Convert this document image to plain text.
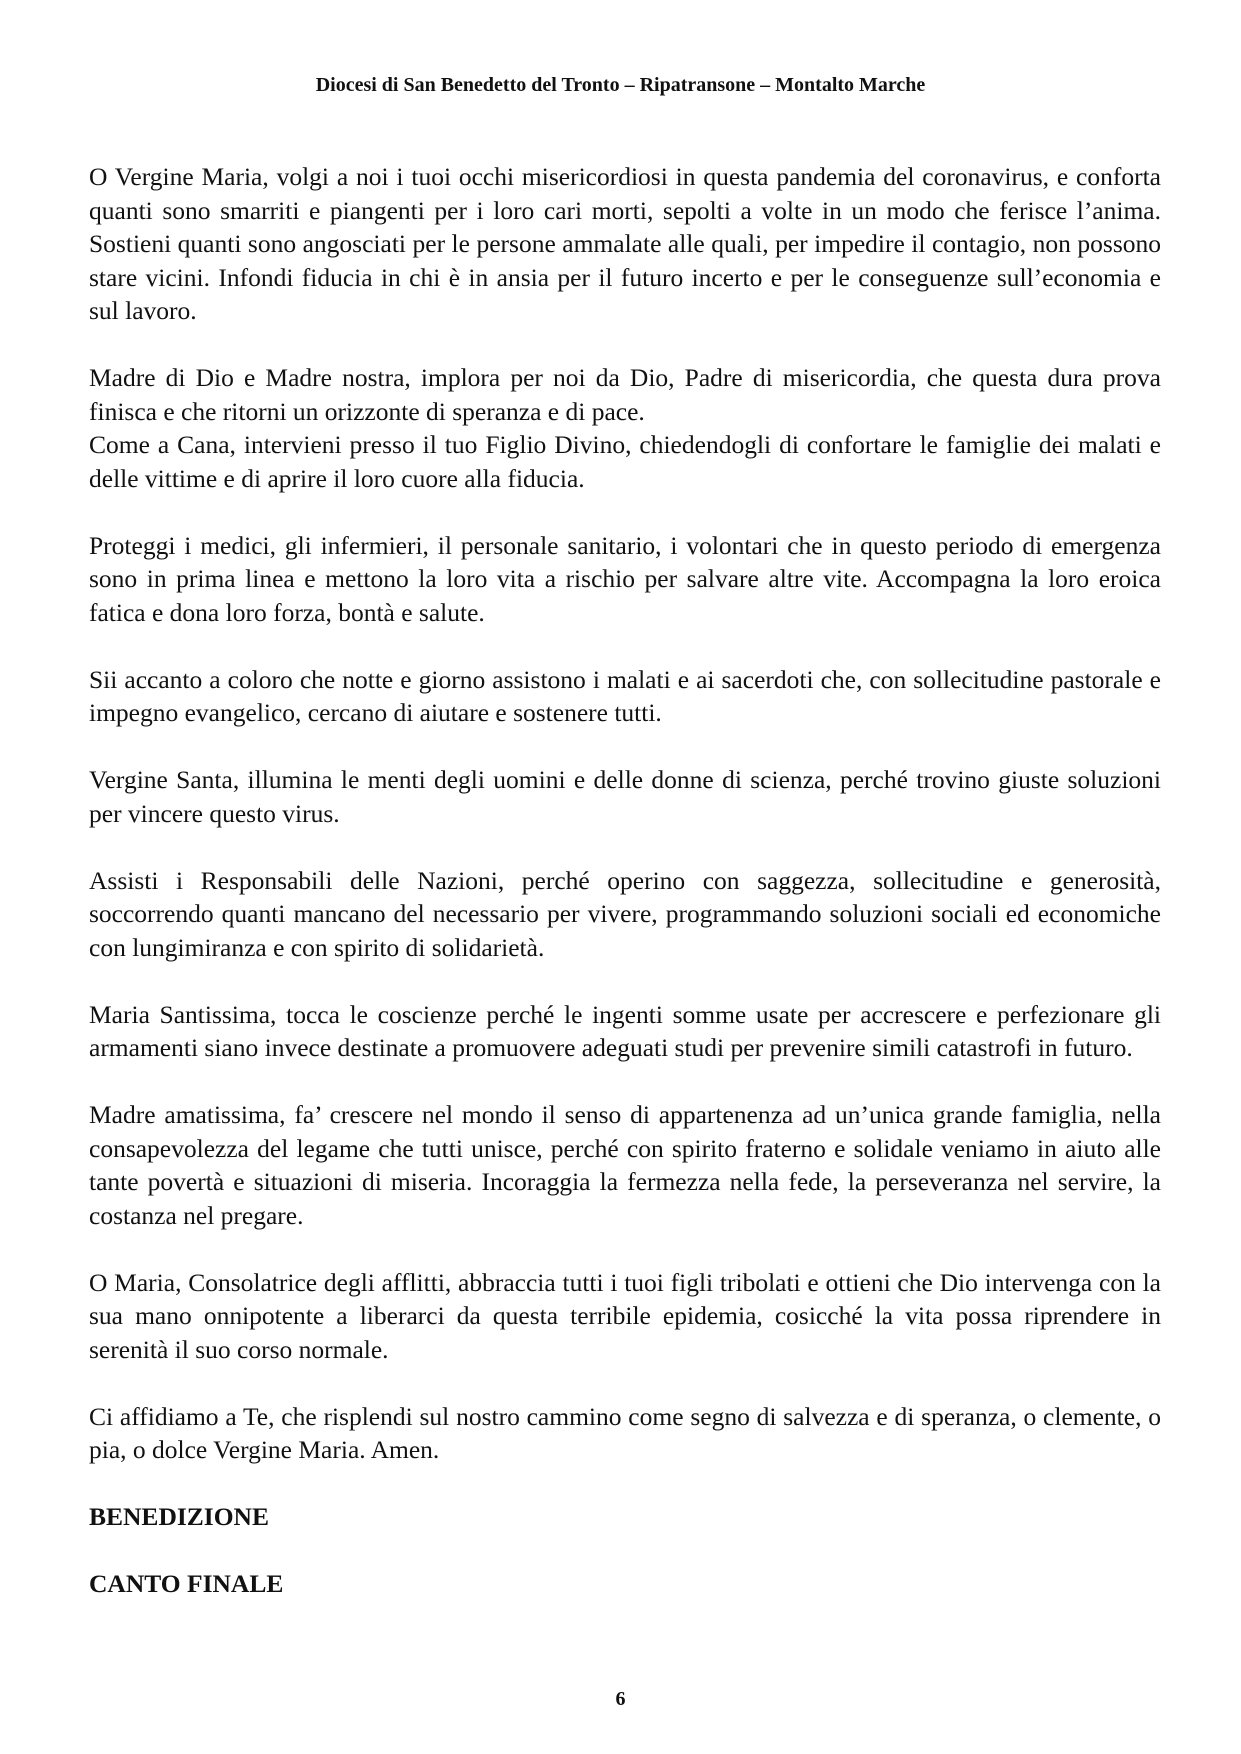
Diocesi di San Benedetto del Tronto – Ripatransone – Montalto Marche

O Vergine Maria, volgi a noi i tuoi occhi misericordiosi in questa pandemia del coronavirus, e conforta quanti sono smarriti e piangenti per i loro cari morti, sepolti a volte in un modo che ferisce l’anima. Sostieni quanti sono angosciati per le persone ammalate alle quali, per impedire il contagio, non possono stare vicini. Infondi fiducia in chi è in ansia per il futuro incerto e per le conseguenze sull’economia e sul lavoro.

Madre di Dio e Madre nostra, implora per noi da Dio, Padre di misericordia, che questa dura prova finisca e che ritorni un orizzonte di speranza e di pace.

Come a Cana, intervieni presso il tuo Figlio Divino, chiedendogli di confortare le famiglie dei malati e delle vittime e di aprire il loro cuore alla fiducia.

Proteggi i medici, gli infermieri, il personale sanitario, i volontari che in questo periodo di emergenza sono in prima linea e mettono la loro vita a rischio per salvare altre vite. Accompagna la loro eroica fatica e dona loro forza, bontà e salute.

Sii accanto a coloro che notte e giorno assistono i malati e ai sacerdoti che, con sollecitudine pastorale e impegno evangelico, cercano di aiutare e sostenere tutti.

Vergine Santa, illumina le menti degli uomini e delle donne di scienza, perché trovino giuste soluzioni per vincere questo virus.

Assisti i Responsabili delle Nazioni, perché operino con saggezza, sollecitudine e generosità, soccorrendo quanti mancano del necessario per vivere, programmando soluzioni sociali ed economiche con lungimiranza e con spirito di solidarietà.

Maria Santissima, tocca le coscienze perché le ingenti somme usate per accrescere e perfezionare gli armamenti siano invece destinate a promuovere adeguati studi per prevenire simili catastrofi in futuro.

Madre amatissima, fa’ crescere nel mondo il senso di appartenenza ad un’unica grande famiglia, nella consapevolezza del legame che tutti unisce, perché con spirito fraterno e solidale veniamo in aiuto alle tante povertà e situazioni di miseria. Incoraggia la fermezza nella fede, la perseveranza nel servire, la costanza nel pregare.

O Maria, Consolatrice degli afflitti, abbraccia tutti i tuoi figli tribolati e ottieni che Dio intervenga con la sua mano onnipotente a liberarci da questa terribile epidemia, cosicché la vita possa riprendere in serenità il suo corso normale.

Ci affidiamo a Te, che risplendi sul nostro cammino come segno di salvezza e di speranza, o clemente, o pia, o dolce Vergine Maria. Amen.

BENEDIZIONE
CANTO FINALE
6
